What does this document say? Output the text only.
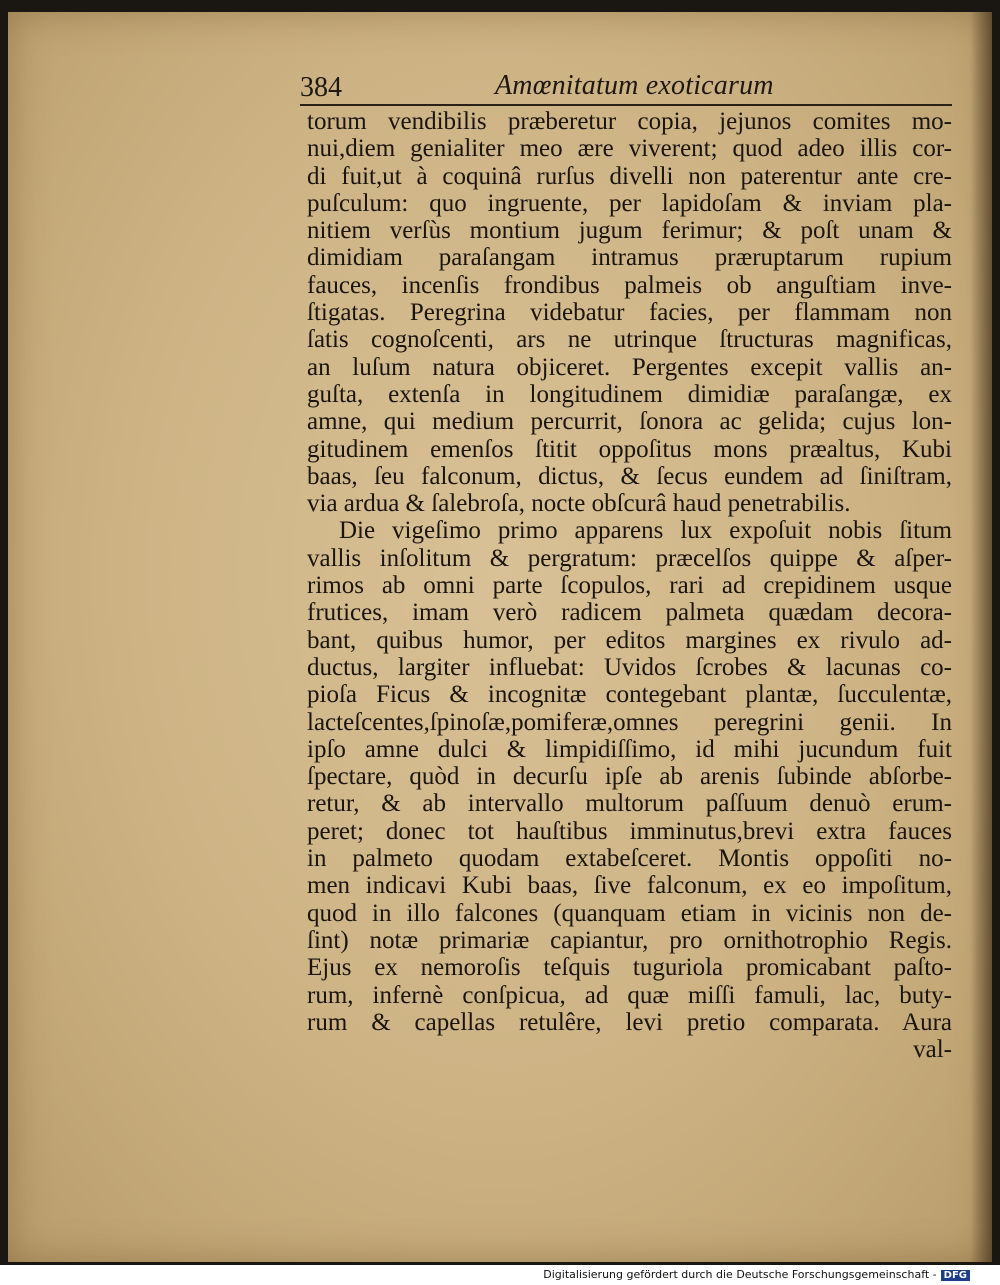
384	Amœnitatum exoticarum
torum vendibilis præberetur copia, jejunos comites mo-
nui,diem genialiter meo ære viverent; quod adeo illis cor-
di fuit,ut à coquinâ rurſus divelli non paterentur ante cre-
puſculum: quo ingruente, per lapidoſam & inviam pla-
nitiem verſùs montium jugum ferimur; & poſt unam &
dimidiam paraſangam intramus præruptarum rupium
fauces, incenſis frondibus palmeis ob anguſtiam inve-
ſtigatas. Peregrina videbatur facies, per flammam non
ſatis cognoſcenti, ars ne utrinque ſtructuras magnificas,
an luſum natura objiceret. Pergentes excepit vallis an-
guſta, extenſa in longitudinem dimidiæ paraſangæ, ex
amne, qui medium percurrit, ſonora ac gelida; cujus lon-
gitudinem emenſos ſtitit oppoſitus mons præaltus, Kubi
baas, ſeu falconum, dictus, & ſecus eundem ad ſiniſtram,
via ardua & ſalebroſa, nocte obſcurâ haud penetrabilis.
Die vigeſimo primo apparens lux expoſuit nobis ſitum
vallis inſolitum & pergratum: præcelſos quippe & aſper-
rimos ab omni parte ſcopulos, rari ad crepidinem usque
frutices, imam verò radicem palmeta quædam decora-
bant, quibus humor, per editos margines ex rivulo ad-
ductus, largiter influebat: Uvidos ſcrobes & lacunas co-
pioſa Ficus & incognitæ contegebant plantæ, ſucculentæ,
lacteſcentes,ſpinoſæ,pomiferæ,omnes peregrini genii. In
ipſo amne dulci & limpidiſſimo, id mihi jucundum fuit
ſpectare, quòd in decurſu ipſe ab arenis ſubinde abſorbe-
retur, & ab intervallo multorum paſſuum denuò erum-
peret; donec tot hauſtibus imminutus,brevi extra fauces
in palmeto quodam extabeſceret. Montis oppoſiti no-
men indicavi Kubi baas, ſive falconum, ex eo impoſitum,
quod in illo falcones (quanquam etiam in vicinis non de-
ſint) notæ primariæ capiantur, pro ornithotrophio Regis.
Ejus ex nemoroſis teſquis tuguriola promicabant paſto-
rum, infernè conſpicua, ad quæ miſſi famuli, lac, buty-
rum & capellas retulêre, levi pretio comparata. Aura
val-
Digitalisierung gefördert durch die Deutsche Forschungsgemeinschaft - DFG
